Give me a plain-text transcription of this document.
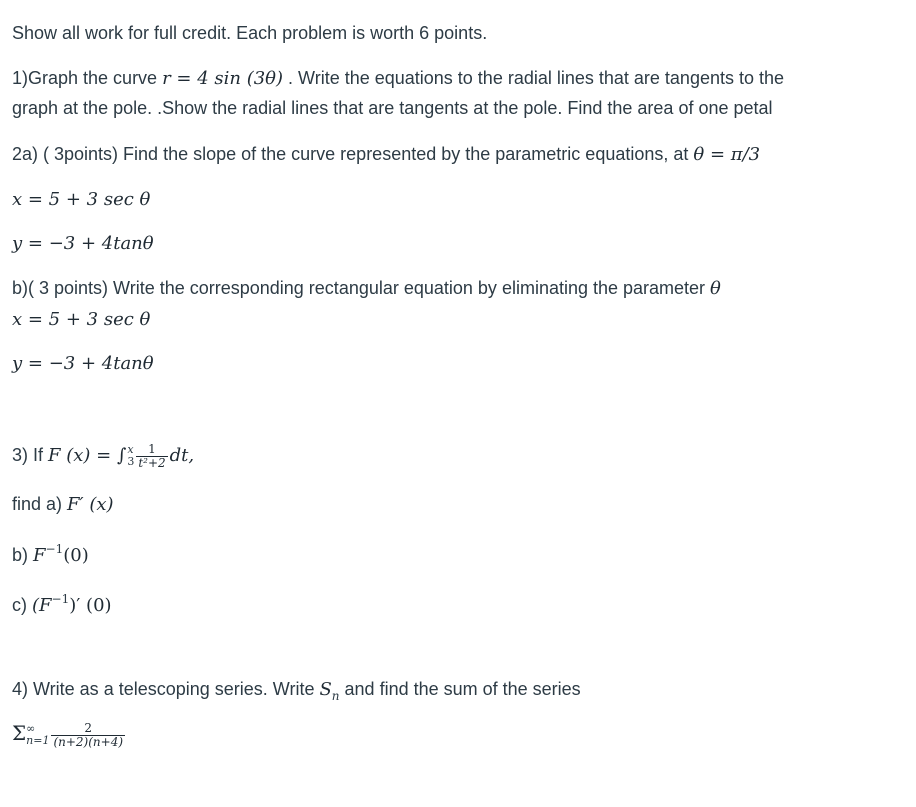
Show all work for full credit. Each problem is worth 6 points.
1)Graph the curve r = 4 sin (3θ) . Write the equations to the radial lines that are tangents to the
graph at the pole. .Show the radial lines that are tangents at the pole. Find the area of one petal
2a) ( 3points) Find the slope of the curve represented by the parametric equations, at θ = π/3
x = 5 + 3 sec θ
y = −3 + 4tanθ
b)( 3 points) Write the corresponding rectangular equation by eliminating the parameter θ
x = 5 + 3 sec θ
y = −3 + 4tanθ
3) If F (x) = ∫ x
$3 \frac{1}{\text{t²+2}}$ dt,
find a) F′ (x)
b) $F^{-1}(0)$
c) $(F^{-1})'$ (0)
4) Write as a telescoping series. Write $S_n$ and find the sum of the series
Σ ∞
$n=1 \frac{2}{(n+2)(n+4)}$
